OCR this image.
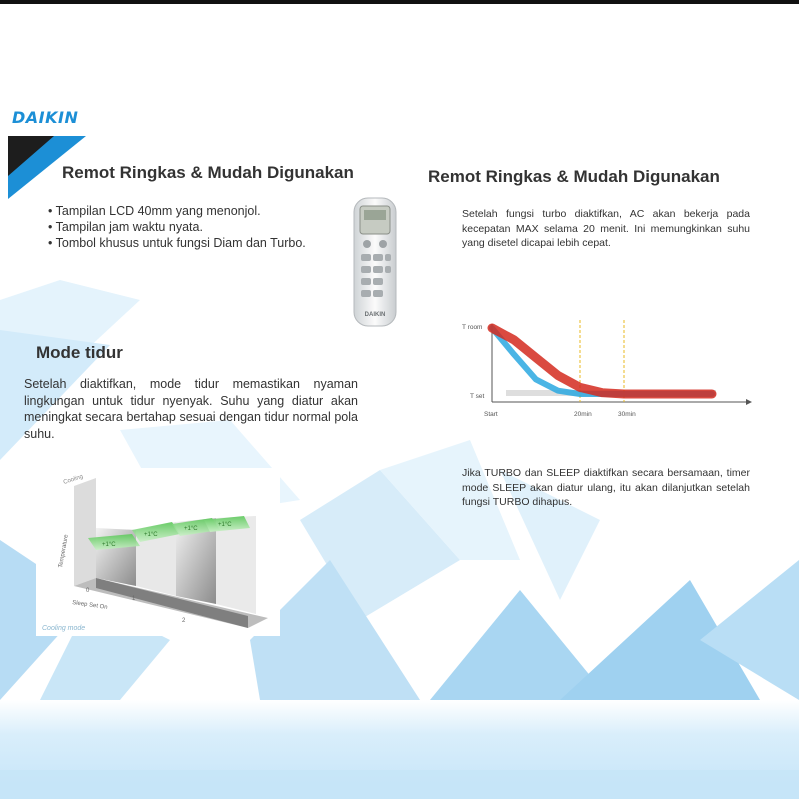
DAIKIN
Remot Ringkas & Mudah Digunakan
• Tampilan LCD 40mm yang menonjol.
• Tampilan jam waktu nyata.
• Tombol khusus untuk fungsi Diam dan Turbo.
DAIKIN
Mode tidur

Setelah diaktifkan, mode tidur memastikan nyaman lingkungan untuk tidur nyenyak. Suhu yang diatur akan meningkat secara bertahap sesuai dengan tidur normal pola suhu.

Cooling
Temperature
Sleep Set On
0
1
2
+1°C
+1°C
+1°C
+1°C
Cooling mode
Remot Ringkas & Mudah Digunakan

Setelah fungsi turbo diaktifkan, AC akan bekerja pada kecepatan MAX selama 20 menit. Ini memungkinkan suhu yang disetel dicapai lebih cepat.

T room
T set
Start	20min	30min

Jika TURBO dan SLEEP diaktifkan secara bersamaan, timer mode SLEEP akan diatur ulang, itu akan dilanjutkan setelah fungsi TURBO dihapus.
